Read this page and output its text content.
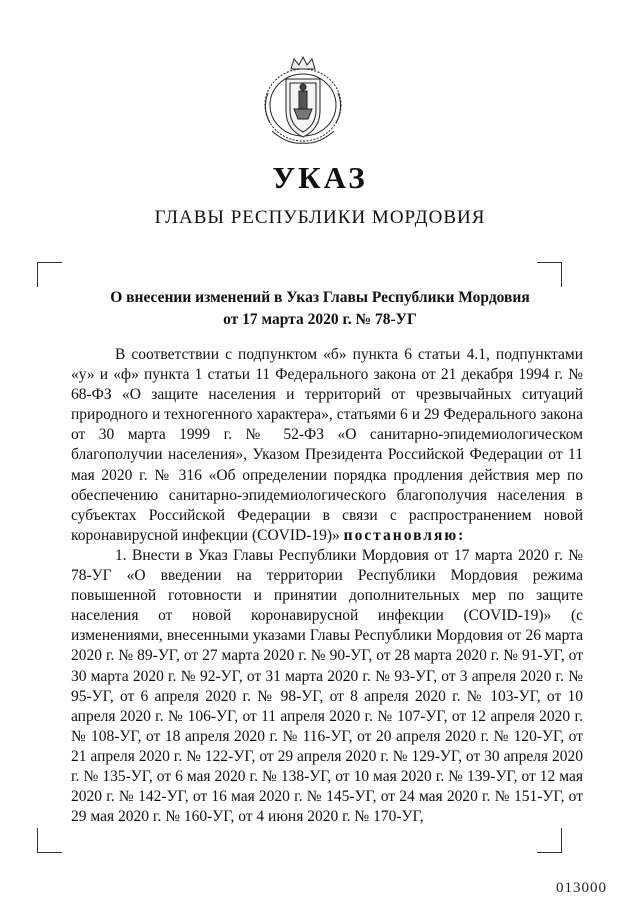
УКАЗ
ГЛАВЫ РЕСПУБЛИКИ МОРДОВИЯ
О внесении изменений в Указ Главы Республики Мордовия
от 17 марта 2020 г. № 78-УГ

В соответствии с подпунктом «б» пункта 6 статьи 4.1, подпунктами «у» и «ф» пункта 1 статьи 11 Федерального закона от 21 декабря 1994 г. № 68-ФЗ «О защите населения и территорий от чрезвычайных ситуаций природного и техногенного характера», статьями 6 и 29 Федерального закона от 30 марта 1999 г. № 52-ФЗ «О санитарно-эпидемиологическом благополучии населения», Указом Президента Российской Федерации от 11 мая 2020 г. № 316 «Об определении порядка продления действия мер по обеспечению санитарно-эпидемиологического благополучия населения в субъектах Российской Федерации в связи с распространением новой коронавирусной инфекции (COVID-19)» постановляю:

1. Внести в Указ Главы Республики Мордовия от 17 марта 2020 г. № 78-УГ «О введении на территории Республики Мордовия режима повышенной готовности и принятии дополнительных мер по защите населения от новой коронавирусной инфекции (COVID-19)» (с изменениями, внесенными указами Главы Республики Мордовия от 26 марта 2020 г. № 89-УГ, от 27 марта 2020 г. № 90-УГ, от 28 марта 2020 г. № 91-УГ, от 30 марта 2020 г. № 92-УГ, от 31 марта 2020 г. № 93-УГ, от 3 апреля 2020 г. № 95-УГ, от 6 апреля 2020 г. № 98-УГ, от 8 апреля 2020 г. № 103-УГ, от 10 апреля 2020 г. № 106-УГ, от 11 апреля 2020 г. № 107-УГ, от 12 апреля 2020 г. № 108-УГ, от 18 апреля 2020 г. № 116-УГ, от 20 апреля 2020 г. № 120-УГ, от 21 апреля 2020 г. № 122-УГ, от 29 апреля 2020 г. № 129-УГ, от 30 апреля 2020 г. № 135-УГ, от 6 мая 2020 г. № 138-УГ, от 10 мая 2020 г. № 139-УГ, от 12 мая 2020 г. № 142-УГ, от 16 мая 2020 г. № 145-УГ, от 24 мая 2020 г. № 151-УГ, от 29 мая 2020 г. № 160-УГ, от 4 июня 2020 г. № 170-УГ,

013000
